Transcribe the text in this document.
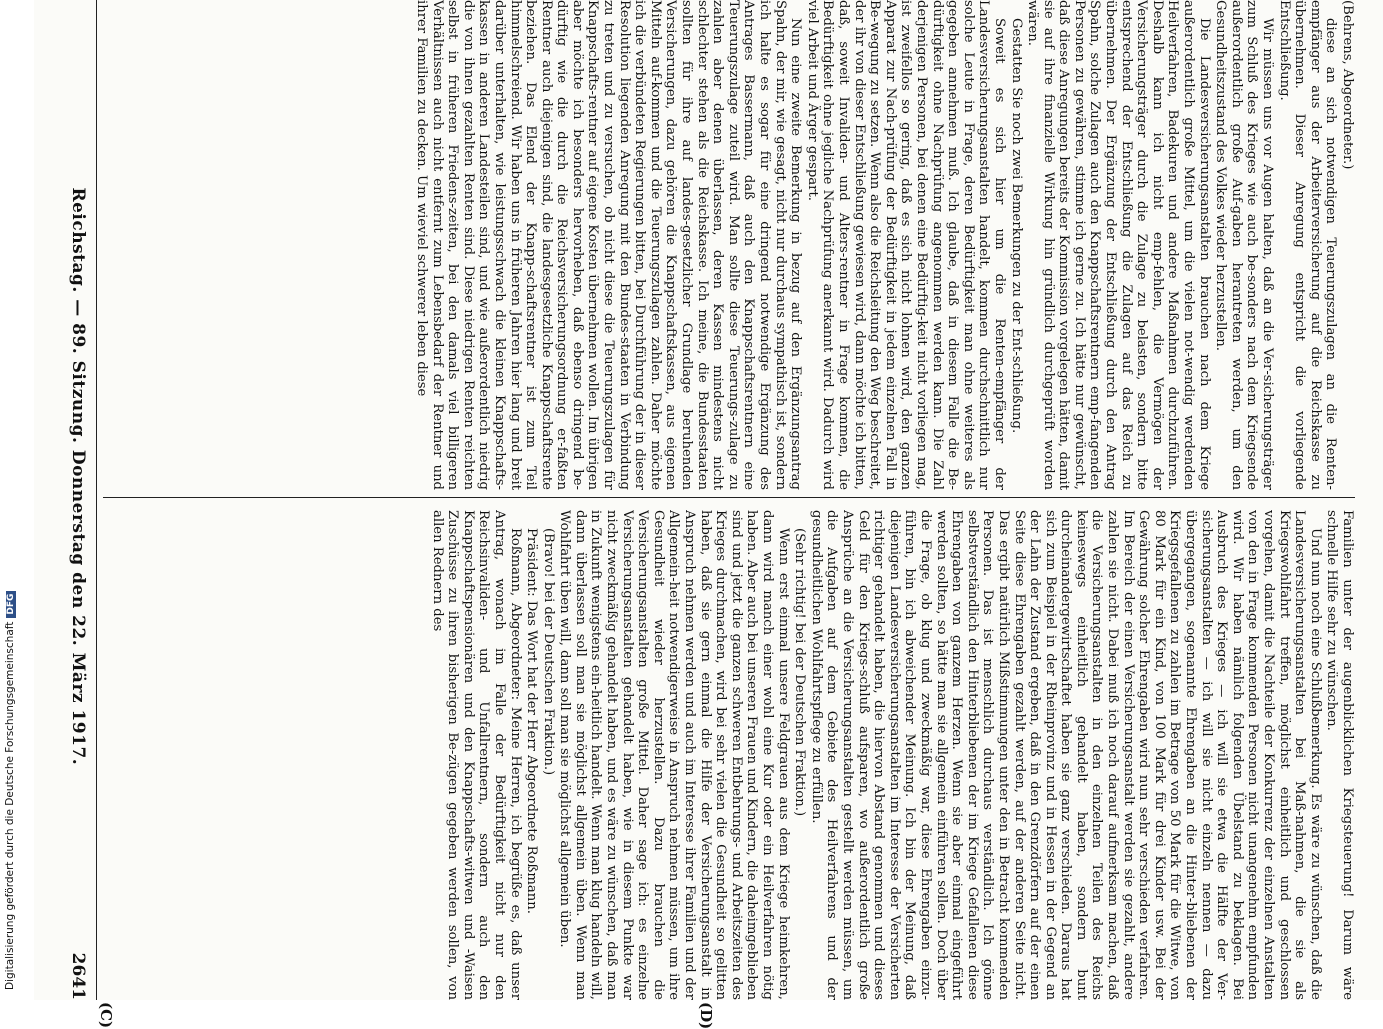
Digitalisierung gefördert durch die Deutsche ForschungsgemeinschaftDFG

(Behrens, Abgeordneter.)

diese an sich notwendigen Teuerungszulagen an die Renten-empfänger aus der Arbeiterversicherung auf die Reichskasse zu übernehmen. Dieser Anregung entspricht die vorliegende Entschließung.

Wir müssen uns vor Augen halten, daß an die Ver-sicherungsträger zum Schluß des Krieges wie auch be-sonders nach dem Kriegsende außerordentlich große Auf-gaben herantreten werden, um den Gesundheitszustand des Volkes wieder herzustellen.

Die Landesversicherungsanstalten brauchen nach dem Kriege außerordentlich große Mittel, um die vielen not-wendig werdenden Heilverfahren, Badekuren und andere Maßnahmen durchzuführen. Deshalb kann ich nicht emp-fehlen, die Vermögen der Versicherungsträger durch die Zulage zu belasten, sondern bitte entsprechend der Entschließung die Zulagen auf das Reich zu übernehmen. Der Ergänzung der Entschließung durch den Antrag Spahn, solche Zulagen auch den Knappschaftsrentnern emp-fangenden Personen zu gewähren, stimme ich gerne zu. Ich hätte nur gewünscht, daß diese Anregungen bereits der Kommission vorgelegen hätten, damit sie auf ihre finanzielle Wirkung hin gründlich durchgeprüft worden wären.

Gestatten Sie noch zwei Bemerkungen zu der Ent-schließung.

Soweit es sich hier um die Renten-empfänger der Landesversicherungsanstalten handelt, kommen durchschnittlich nur solche Leute in Frage, deren Bedürftigkeit man ohne weiteres als gegeben annehmen muß. Ich glaube, daß in diesem Falle die Be-dürftigkeit ohne Nachprüfung angenommen werden kann. Die Zahl derjenigen Personen, bei denen eine Bedürftig-keit nicht vorliegen mag, ist zweifellos so gering, daß es sich nicht lohnen wird, den ganzen Apparat zur Nach-prüfung der Bedürftigkeit in jedem einzelnen Fall in Be-wegung zu setzen. Wenn also die Reichsleitung den Weg beschreitet, der ihr von dieser Entschließung gewiesen wird, dann möchte ich bitten, daß, soweit Invaliden- und Alters-rentner in Frage kommen, die Bedürftigkeit ohne jegliche Nachprüfung anerkannt wird. Dadurch wird viel Arbeit und Ärger gespart.

Nun eine zweite Bemerkung in bezug auf den Ergänzungsantrag Spahn, der mir, wie gesagt, nicht nur durchaus sympathisch ist, sondern ich halte es sogar für eine dringend notwendige Ergänzung des Antrages Bassermann, daß auch den Knappschaftsrentnern eine Teuerungszulage zuteil wird. Man sollte diese Teuerungs-zulage zu zahlen aber denen überlassen, deren Kassen mindestens nicht schlechter stehen als die Reichskasse. Ich meine, die Bundesstaaten sollten für ihre auf landes-gesetzlicher Grundlage beruhenden Versicherungen, dazu gehören die Knappschaftskassen, aus eigenen Mitteln auf-kommen und die Teuerungszulagen zahlen. Daher möchte ich die verbündeten Regierungen bitten, bei Durchführung der in dieser Resolution liegenden Anregung mit den Bundes-staaten in Verbindung zu treten und zu versuchen, ob nicht diese die Teuerungszulagen für Knappschafts-rentner auf eigene Kosten übernehmen wollen. Im übrigen aber möchte ich besonders hervorheben, daß ebenso dringend be-dürftig wie die durch die Reichsversicherungsordnung er-faßten Rentner auch diejenigen sind, die landesgesetzliche Knappschaftsrente beziehen. Das Elend der Knapp-schaftsrentner ist zum Teil himmelschreiend. Wir haben uns in früheren Jahren hier lang und breit darüber unterhalten, wie leistungsschwach die kleinen Knappschafts-kassen in anderen Landesteilen sind, und wie außerordentlich niedrig die von ihnen gezahlten Renten sind. Diese niedrigen Renten reichten selbst in früheren Friedens-zeiten, bei den damals viel billigeren Verhältnissen auch nicht entfernt zum Lebensbedarf der Rentner und ihrer Familien zu decken. Um wieviel schwerer leben diese

Familien unter der augenblicklichen Kriegsteuerung! Darum wäre schnelle Hilfe sehr zu wünschen.

Und nun noch eine Schlußbemerkung. Es wäre zu wünschen, daß die Landesversicherungsanstalten bei Maß-nahmen, die sie als Kriegswohlfahrt treffen, möglichst einheitlich und geschlossen vorgehen, damit die Nachteile der Konkurrenz der einzelnen Anstalten von den in Frage kommenden Personen nicht unangenehm empfunden wird. Wir haben nämlich folgenden Übelstand zu beklagen. Bei Ausbruch des Krieges — ich will sie etwa die Hälfte der Ver-sicherungsanstalten — ich will sie nicht einzeln nennen — dazu übergegangen, sogenannte Ehrengaben an die Hinter-bliebenen der Kriegsgefallenen zu zahlen im Betrage von 50 Mark für die Witwe, von 80 Mark für ein Kind, von 100 Mark für drei Kinder usw. Bei der Gewährung solcher Ehrengaben wird nun sehr verschieden verfahren. Im Bereich der einen Versicherungsanstalt werden sie gezahlt, andere zahlen sie nicht. Dabei muß ich noch darauf aufmerksam machen, daß die Versicherungsanstalten in den einzelnen Teilen des Reichs keineswegs einheitlich gehandelt haben, sondern bunt durcheinandergewirtschaftet haben sie ganz verschieden. Daraus hat sich zum Beispiel in der Rheinprovinz und in Hessen in der Gegend an der Lahn der Zustand ergeben, daß in den Grenzdörfern auf der einen Seite diese Ehrengaben gezahlt werden, auf der anderen Seite nicht. Das ergibt natürlich Mißstimmungen unter den in Betracht kommenden Personen. Das ist menschlich durchaus verständlich. Ich gönne selbstverständlich den Hinterbliebenen der im Kriege Gefallenen diese Ehrengaben von ganzem Herzen. Wenn sie aber einmal eingeführt werden sollten, so hätte man sie allgemein einführen sollen. Doch über die Frage, ob klug und zweckmäßig war, diese Ehrengaben einzu-führen, bin ich abweichender Meinung. Ich bin der Meinung, daß diejenigen Landesversicherungsanstalten im Interesse der Versicherten richtiger gehandelt haben, die hiervon Abstand genommen und dieses Geld für den Kriegs-schluß aufsparen, wo außerordentlich große Ansprüche an die Versicherungsanstalten gestellt werden müssen, um die Aufgaben auf dem Gebiete des Heilverfahrens und der gesundheitlichen Wohlfahrtspflege zu erfüllen.

(Sehr richtig! bei der Deutschen Fraktion.)

Wenn erst einmal unsere Feldgrauen aus dem Kriege heimkehren, dann wird manch einer wohl eine Kur oder ein Heilverfahren nötig haben. Aber auch bei unseren Frauen und Kindern, die daheimgeblieben sind und jetzt die ganzen schweren Entbehrungs- und Arbeitszeiten des Krieges durchmachen, wird bei sehr vielen die Gesundheit so gelitten haben, daß sie gern einmal die Hilfe der Versicherungsanstalt in Anspruch nehmen werden und auch im Interesse ihrer Familien und der Allgemein-heit notwendigerweise in Anspruch nehmen müssen, um ihre Gesundheit wieder herzustellen. Dazu brauchen die Versicherungsanstalten große Mittel. Daher sage ich: es einzelne Versicherungsanstalten gehandelt haben, wie in diesem Punkte war nicht zweckmäßig gehandelt haben, und es wäre zu wünschen, daß man in Zukunft wenigstens ein-heitlich handelt. Wenn man klug handeln will, dann überlassen soll man sie möglichst allgemein üben. Wenn man Wohlfahrt üben will, dann soll man sie möglichst allgemein üben.

(Bravo! bei der Deutschen Fraktion.)

Präsident: Das Wort hat der Herr Abgeordnete Roßmann.

Roßmann, Abgeordneter: Meine Herren, ich begrüße es, daß unser Antrag, wonach im Falle der Bedürftigkeit nicht nur den Reichsinvaliden- und Unfallrentnern, sondern auch den Knappschaftspensionären und den Knappschafts-witwen und -Waisen Zuschüsse zu ihren bisherigen Be-zügen gegeben werden sollen, von allen Rednern des

Reichstag. — 89. Sitzung. Donnerstag den 22. März 1917.
2641
(C)	(D)
